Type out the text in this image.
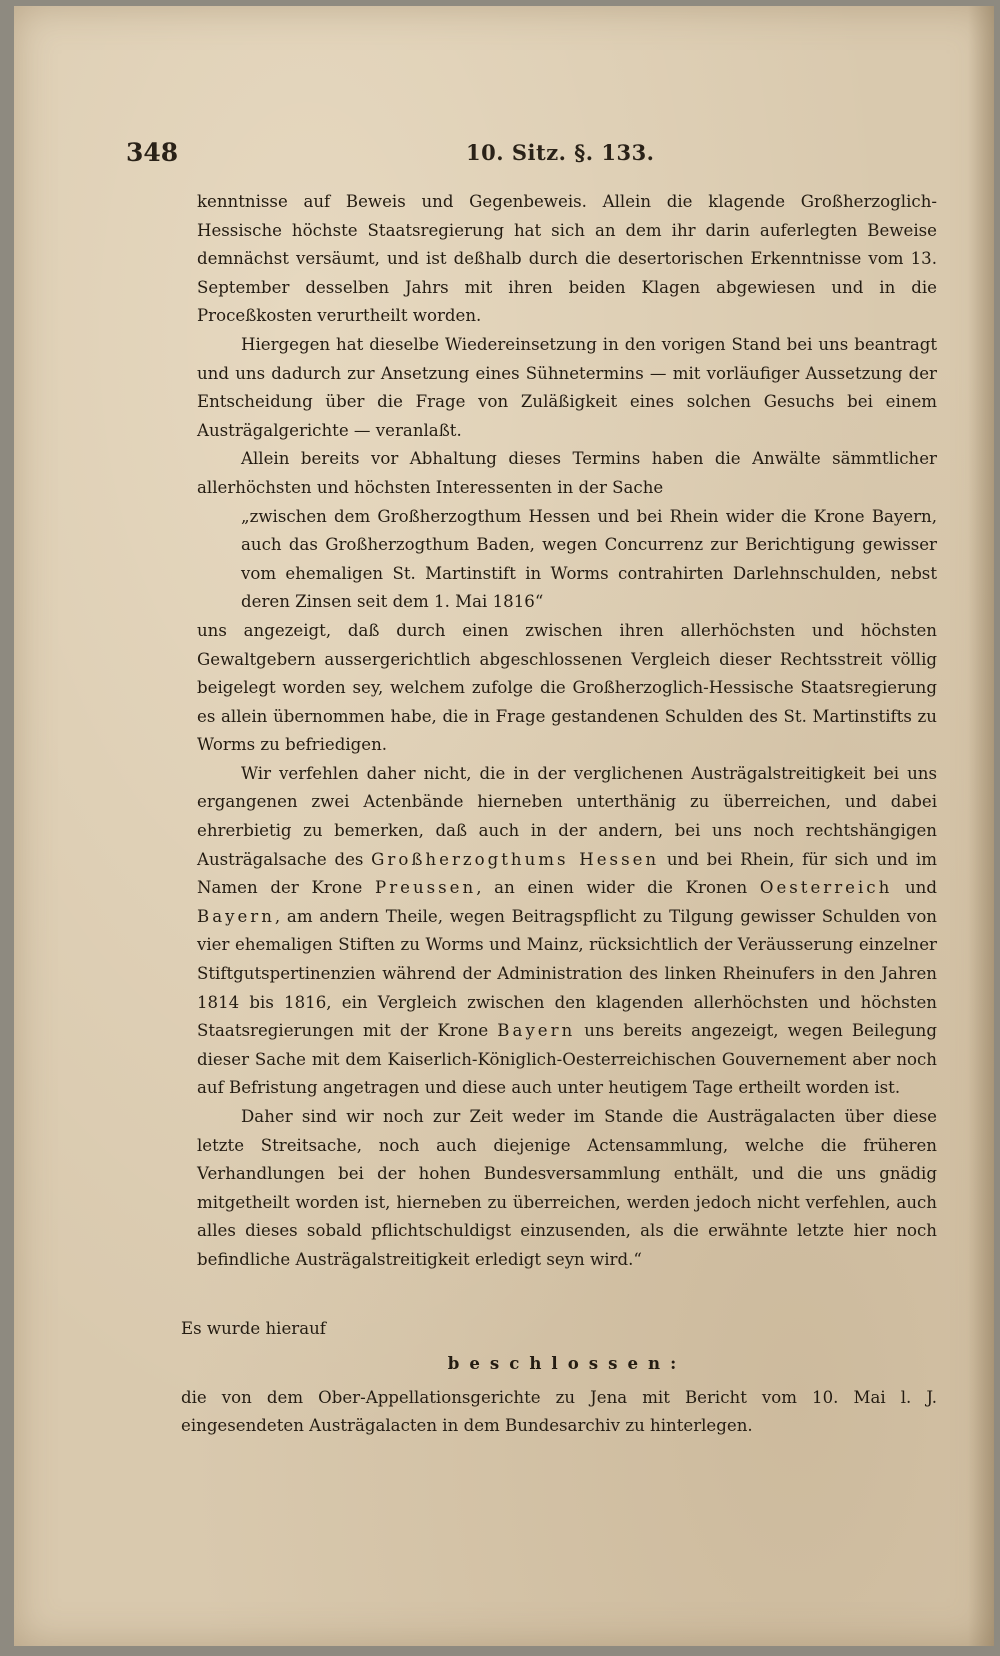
348	10. Sitz. §. 133.

kenntnisse auf Beweis und Gegenbeweis. Allein die klagende Großherzoglich-Hessische höchste Staatsregierung hat sich an dem ihr darin auferlegten Beweise demnächst versäumt, und ist deßhalb durch die desertorischen Erkenntnisse vom 13. September desselben Jahrs mit ihren beiden Klagen abgewiesen und in die Proceßkosten verurtheilt worden.

Hiergegen hat dieselbe Wiedereinsetzung in den vorigen Stand bei uns beantragt und uns dadurch zur Ansetzung eines Sühnetermins — mit vorläufiger Aussetzung der Entscheidung über die Frage von Zuläßigkeit eines solchen Gesuchs bei einem Austrägalgerichte — veranlaßt.

Allein bereits vor Abhaltung dieses Termins haben die Anwälte sämmtlicher allerhöchsten und höchsten Interessenten in der Sache

„zwischen dem Großherzogthum Hessen und bei Rhein wider die Krone Bayern, auch das Großherzogthum Baden, wegen Concurrenz zur Berichtigung gewisser vom ehemaligen St. Martinstift in Worms contrahirten Darlehnschulden, nebst deren Zinsen seit dem 1. Mai 1816“

uns angezeigt, daß durch einen zwischen ihren allerhöchsten und höchsten Gewaltgebern aussergerichtlich abgeschlossenen Vergleich dieser Rechtsstreit völlig beigelegt worden sey, welchem zufolge die Großherzoglich-Hessische Staatsregierung es allein übernommen habe, die in Frage gestandenen Schulden des St. Martinstifts zu Worms zu befriedigen.

Wir verfehlen daher nicht, die in der verglichenen Austrägalstreitigkeit bei uns ergangenen zwei Actenbände hierneben unterthänig zu überreichen, und dabei ehrerbietig zu bemerken, daß auch in der andern, bei uns noch rechtshängigen Austrägalsache des Großherzogthums Hessen und bei Rhein, für sich und im Namen der Krone Preussen, an einen wider die Kronen Oesterreich und Bayern, am andern Theile, wegen Beitragspflicht zu Tilgung gewisser Schulden von vier ehemaligen Stiften zu Worms und Mainz, rücksichtlich der Veräusserung einzelner Stiftgutspertinenzien während der Administration des linken Rheinufers in den Jahren 1814 bis 1816, ein Vergleich zwischen den klagenden allerhöchsten und höchsten Staatsregierungen mit der Krone Bayern uns bereits angezeigt, wegen Beilegung dieser Sache mit dem Kaiserlich-Königlich-Oesterreichischen Gouvernement aber noch auf Befristung angetragen und diese auch unter heutigem Tage ertheilt worden ist.

Daher sind wir noch zur Zeit weder im Stande die Austrägalacten über diese letzte Streitsache, noch auch diejenige Actensammlung, welche die früheren Verhandlungen bei der hohen Bundesversammlung enthält, und die uns gnädig mitgetheilt worden ist, hierneben zu überreichen, werden jedoch nicht verfehlen, auch alles dieses sobald pflichtschuldigst einzusenden, als die erwähnte letzte hier noch befindliche Austrägalstreitigkeit erledigt seyn wird.“

Es wurde hierauf

beschlossen:

die von dem Ober-Appellationsgerichte zu Jena mit Bericht vom 10. Mai l. J. eingesendeten Austrägalacten in dem Bundesarchiv zu hinterlegen.
